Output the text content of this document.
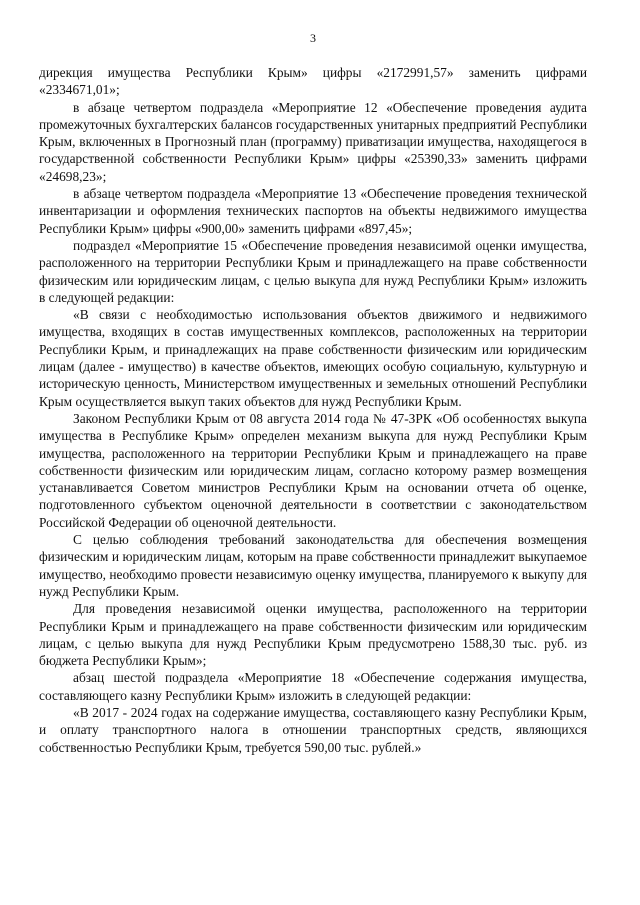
3

дирекция имущества Республики Крым» цифры «2172991,57» заменить цифрами «2334671,01»;

в абзаце четвертом подраздела «Мероприятие 12 «Обеспечение проведения аудита промежуточных бухгалтерских балансов государственных унитарных предприятий Республики Крым, включенных в Прогнозный план (программу) приватизации имущества, находящегося в государственной собственности Республики Крым» цифры «25390,33» заменить цифрами «24698,23»;

в абзаце четвертом подраздела «Мероприятие 13 «Обеспечение проведения технической инвентаризации и оформления технических паспортов на объекты недвижимого имущества Республики Крым» цифры «900,00» заменить цифрами «897,45»;

подраздел «Мероприятие 15 «Обеспечение проведения независимой оценки имущества, расположенного на территории Республики Крым и принадлежащего на праве собственности физическим или юридическим лицам, с целью выкупа для нужд Республики Крым» изложить в следующей редакции:

«В связи с необходимостью использования объектов движимого и недвижимого имущества, входящих в состав имущественных комплексов, расположенных на территории Республики Крым, и принадлежащих на праве собственности физическим или юридическим лицам (далее - имущество) в качестве объектов, имеющих особую социальную, культурную и историческую ценность, Министерством имущественных и земельных отношений Республики Крым осуществляется выкуп таких объектов для нужд Республики Крым.

Законом Республики Крым от 08 августа 2014 года № 47-ЗРК «Об особенностях выкупа имущества в Республике Крым» определен механизм выкупа для нужд Республики Крым имущества, расположенного на территории Республики Крым и принадлежащего на праве собственности физическим или юридическим лицам, согласно которому размер возмещения устанавливается Советом министров Республики Крым на основании отчета об оценке, подготовленного субъектом оценочной деятельности в соответствии с законодательством Российской Федерации об оценочной деятельности.

С целью соблюдения требований законодательства для обеспечения возмещения физическим и юридическим лицам, которым на праве собственности принадлежит выкупаемое имущество, необходимо провести независимую оценку имущества, планируемого к выкупу для нужд Республики Крым.

Для проведения независимой оценки имущества, расположенного на территории Республики Крым и принадлежащего на праве собственности физическим или юридическим лицам, с целью выкупа для нужд Республики Крым предусмотрено 1588,30 тыс. руб. из бюджета Республики Крым»;

абзац шестой подраздела «Мероприятие 18 «Обеспечение содержания имущества, составляющего казну Республики Крым» изложить в следующей редакции:

«В 2017 - 2024 годах на содержание имущества, составляющего казну Республики Крым, и оплату транспортного налога в отношении транспортных средств, являющихся собственностью Республики Крым, требуется 590,00 тыс. рублей.»
